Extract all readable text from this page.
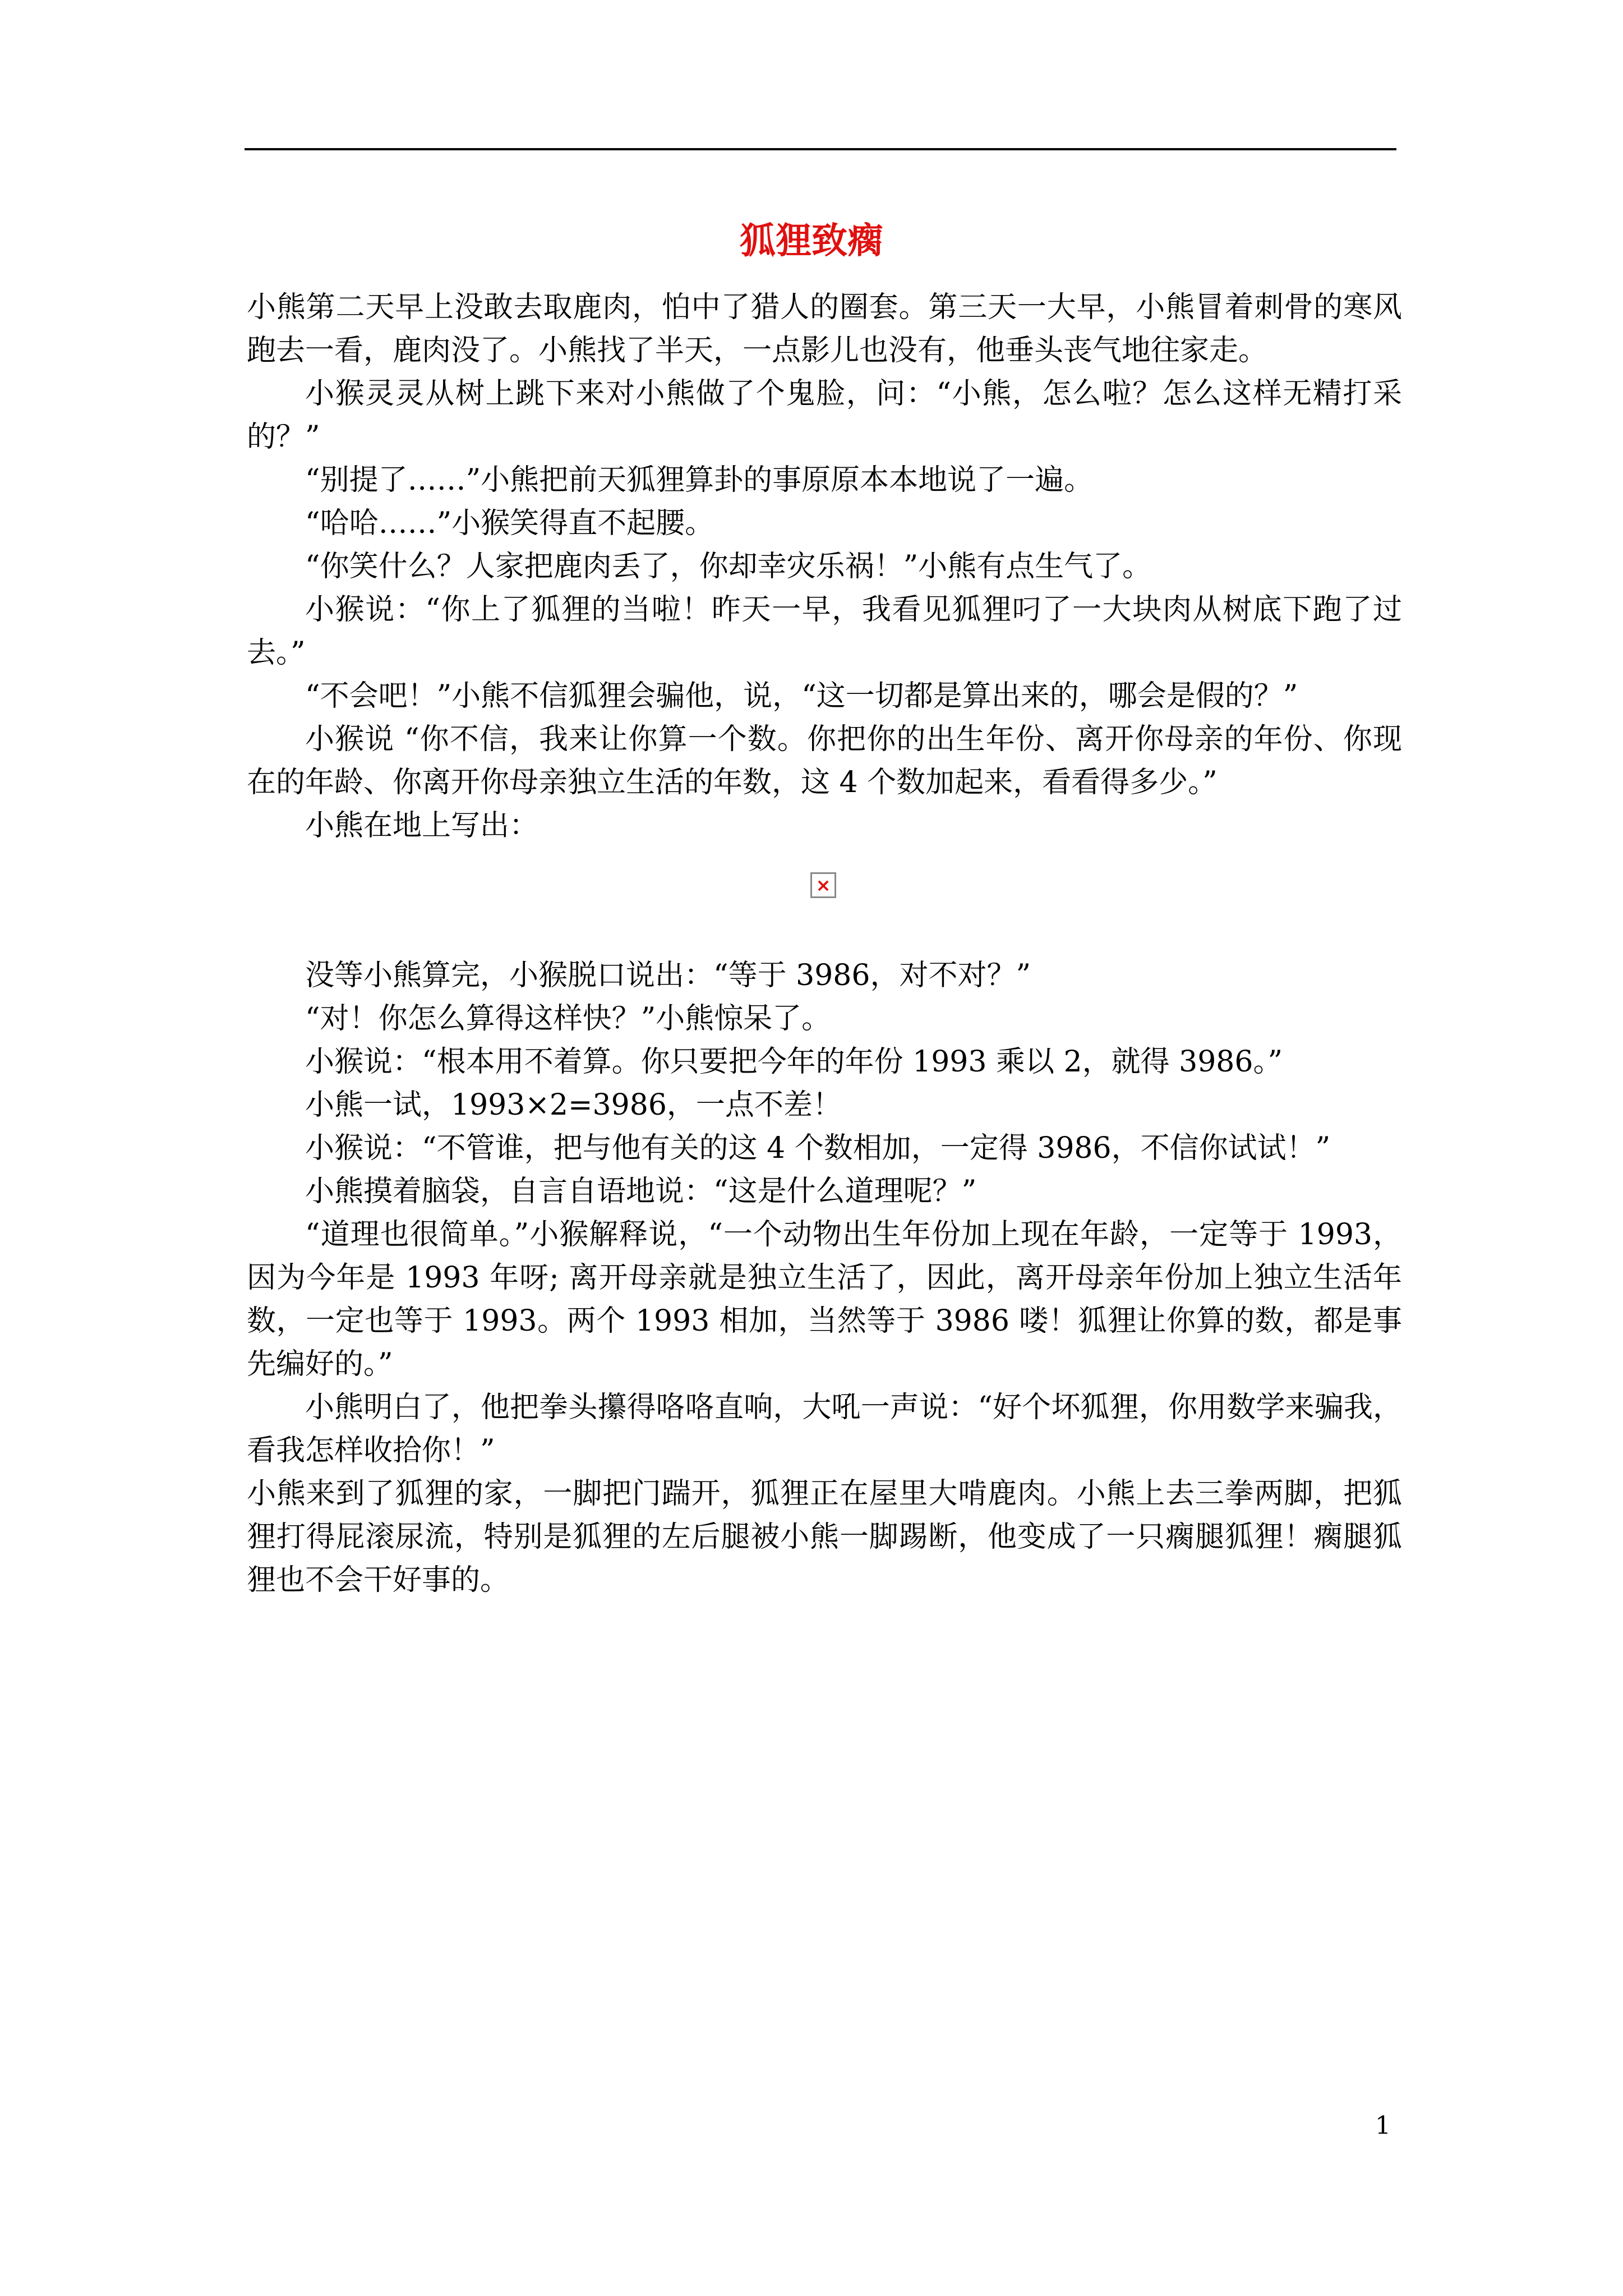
狐狸致瘸

小熊第二天早上没敢去取鹿肉，怕中了猎人的圈套。第三天一大早，小熊冒着刺骨的寒风跑去一看，鹿肉没了。小熊找了半天，一点影儿也没有，他垂头丧气地往家走。

小猴灵灵从树上跳下来对小熊做了个鬼脸，问：“小熊，怎么啦？怎么这样无精打采的？”

“别提了……”小熊把前天狐狸算卦的事原原本本地说了一遍。

“哈哈……”小猴笑得直不起腰。

“你笑什么？人家把鹿肉丢了，你却幸灾乐祸！”小熊有点生气了。

小猴说：“你上了狐狸的当啦！昨天一早，我看见狐狸叼了一大块肉从树底下跑了过去。”

“不会吧！”小熊不信狐狸会骗他，说，“这一切都是算出来的，哪会是假的？”

小猴说 “你不信，我来让你算一个数。你把你的出生年份、离开你母亲的年份、你现在的年龄、你离开你母亲独立生活的年数，这 4 个数加起来，看看得多少。”

小熊在地上写出：

×

没等小熊算完，小猴脱口说出：“等于 3986，对不对？”

“对！你怎么算得这样快？”小熊惊呆了。

小猴说：“根本用不着算。你只要把今年的年份 1993 乘以 2，就得 3986。”

小熊一试，1993×2=3986，一点不差！

小猴说：“不管谁，把与他有关的这 4 个数相加，一定得 3986，不信你试试！”

小熊摸着脑袋，自言自语地说：“这是什么道理呢？”

“道理也很简单。”小猴解释说，“一个动物出生年份加上现在年龄，一定等于 1993，因为今年是 1993 年呀; 离开母亲就是独立生活了，因此，离开母亲年份加上独立生活年数，一定也等于 1993。两个 1993 相加，当然等于 3986 喽！狐狸让你算的数，都是事先编好的。”

小熊明白了，他把拳头攥得咯咯直响，大吼一声说：“好个坏狐狸，你用数学来骗我，看我怎样收拾你！”

小熊来到了狐狸的家，一脚把门踹开，狐狸正在屋里大啃鹿肉。小熊上去三拳两脚，把狐狸打得屁滚尿流，特别是狐狸的左后腿被小熊一脚踢断，他变成了一只瘸腿狐狸！瘸腿狐狸也不会干好事的。

1
